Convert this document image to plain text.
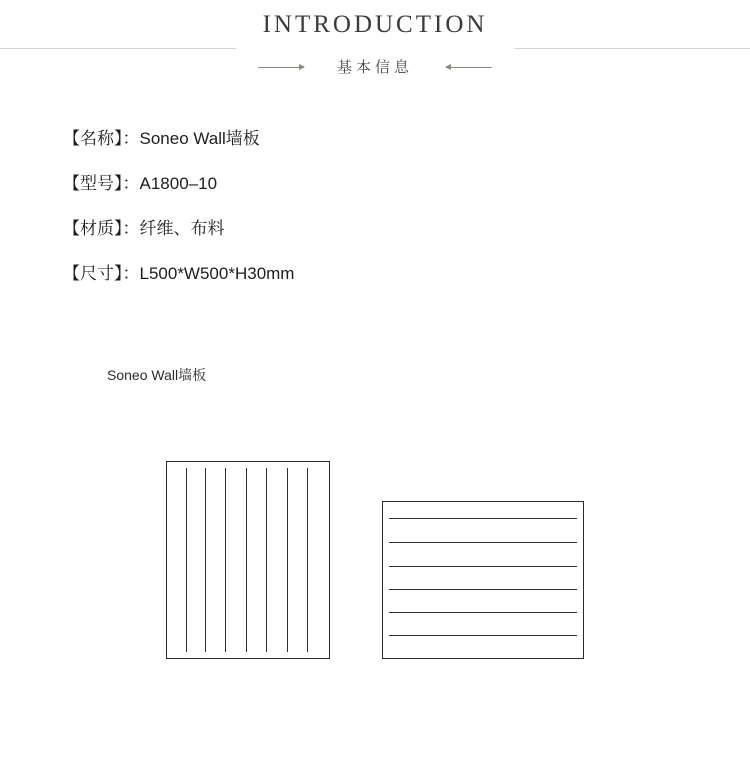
INTRODUCTION
基本信息
【名称】：Soneo Wall墙板
【型号】：A1800–10
【材质】：纤维、布料
【尺寸】：L500*W500*H30mm
Soneo Wall墙板
